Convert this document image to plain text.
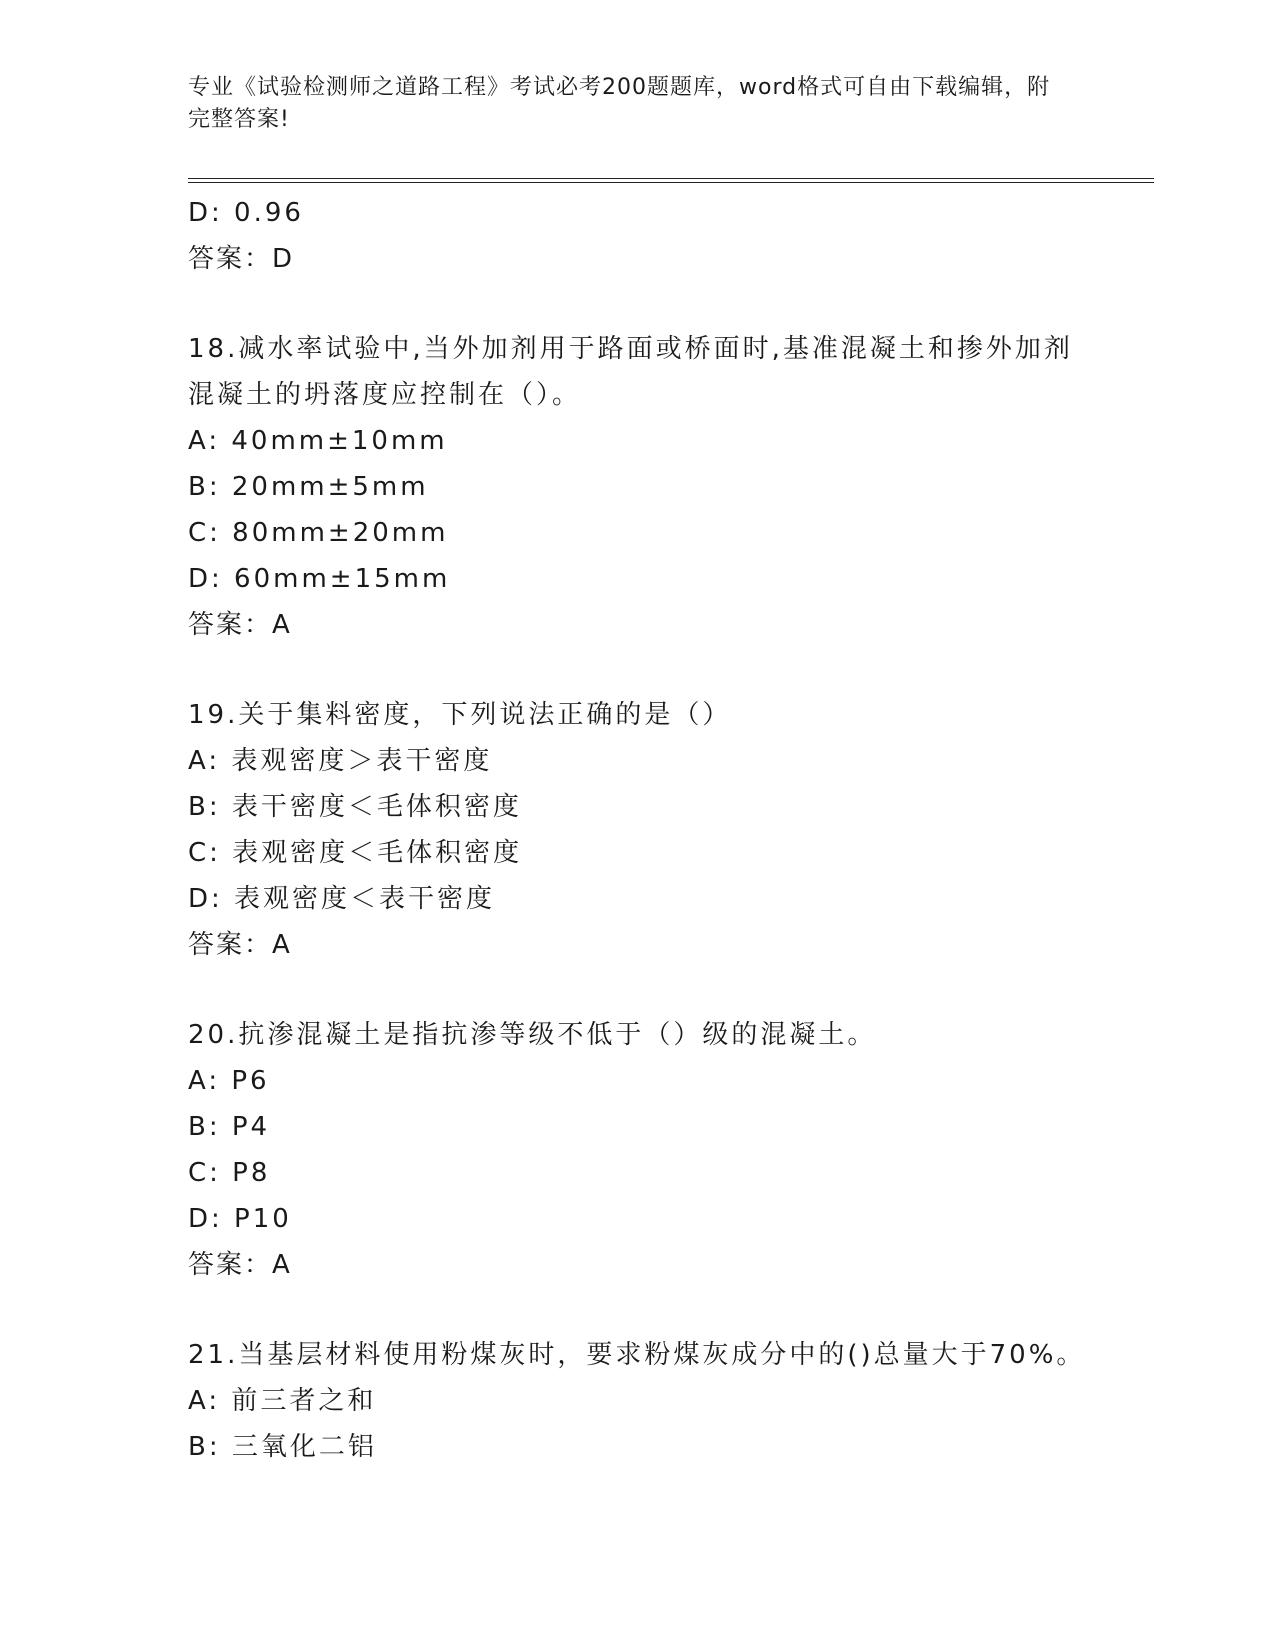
专业《试验检测师之道路工程》考试必考200题题库，word格式可自由下载编辑，附完整答案!
D: 0.96
答案：D
18.减水率试验中,当外加剂用于路面或桥面时,基准混凝土和掺外加剂混凝土的坍落度应控制在（）。
A: 40mm±10mm
B: 20mm±5mm
C: 80mm±20mm
D: 60mm±15mm
答案：A
19.关于集料密度，下列说法正确的是（）
A: 表观密度＞表干密度
B: 表干密度＜毛体积密度
C: 表观密度＜毛体积密度
D: 表观密度＜表干密度
答案：A
20.抗渗混凝土是指抗渗等级不低于（）级的混凝土。
A: P6
B: P4
C: P8
D: P10
答案：A
21.当基层材料使用粉煤灰时，要求粉煤灰成分中的()总量大于70%。
A: 前三者之和
B: 三氧化二铝
